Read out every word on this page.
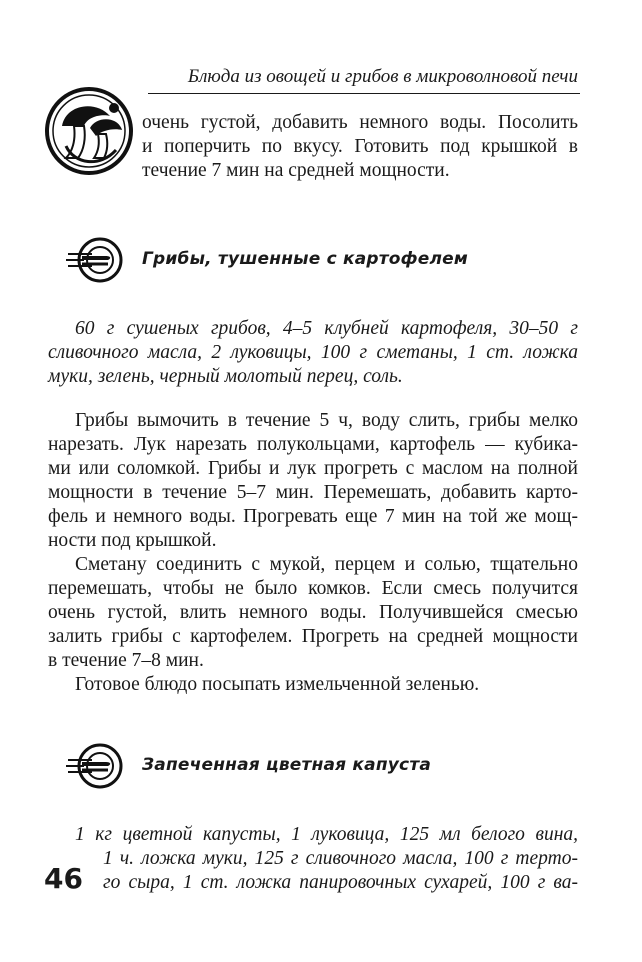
Блюда из овощей и грибов в микроволновой печи
очень густой, добавить немного воды. Посолить
и поперчить по вкусу. Готовить под крышкой в
течение 7 мин на средней мощности.
Грибы, тушенные с картофелем
60 г сушеных грибов, 4–5 клубней картофеля, 30–50 г
сливочного масла, 2 луковицы, 100 г сметаны, 1 ст. ложка
муки, зелень, черный молотый перец, соль.
Грибы вымочить в течение 5 ч, воду слить, грибы мелко
нарезать. Лук нарезать полукольцами, картофель — кубика-
ми или соломкой. Грибы и лук прогреть с маслом на полной
мощности в течение 5–7 мин. Перемешать, добавить карто-
фель и немного воды. Прогревать еще 7 мин на той же мощ-
ности под крышкой.
Сметану соединить с мукой, перцем и солью, тщательно
перемешать, чтобы не было комков. Если смесь получится
очень густой, влить немного воды. Получившейся смесью
залить грибы с картофелем. Прогреть на средней мощности
в течение 7–8 мин.
Готовое блюдо посыпать измельченной зеленью.
Запеченная цветная капуста
1 кг цветной капусты, 1 луковица, 125 мл белого вина,
1 ч. ложка муки, 125 г сливочного масла, 100 г терто-
го сыра, 1 ст. ложка панировочных сухарей, 100 г ва-
46
